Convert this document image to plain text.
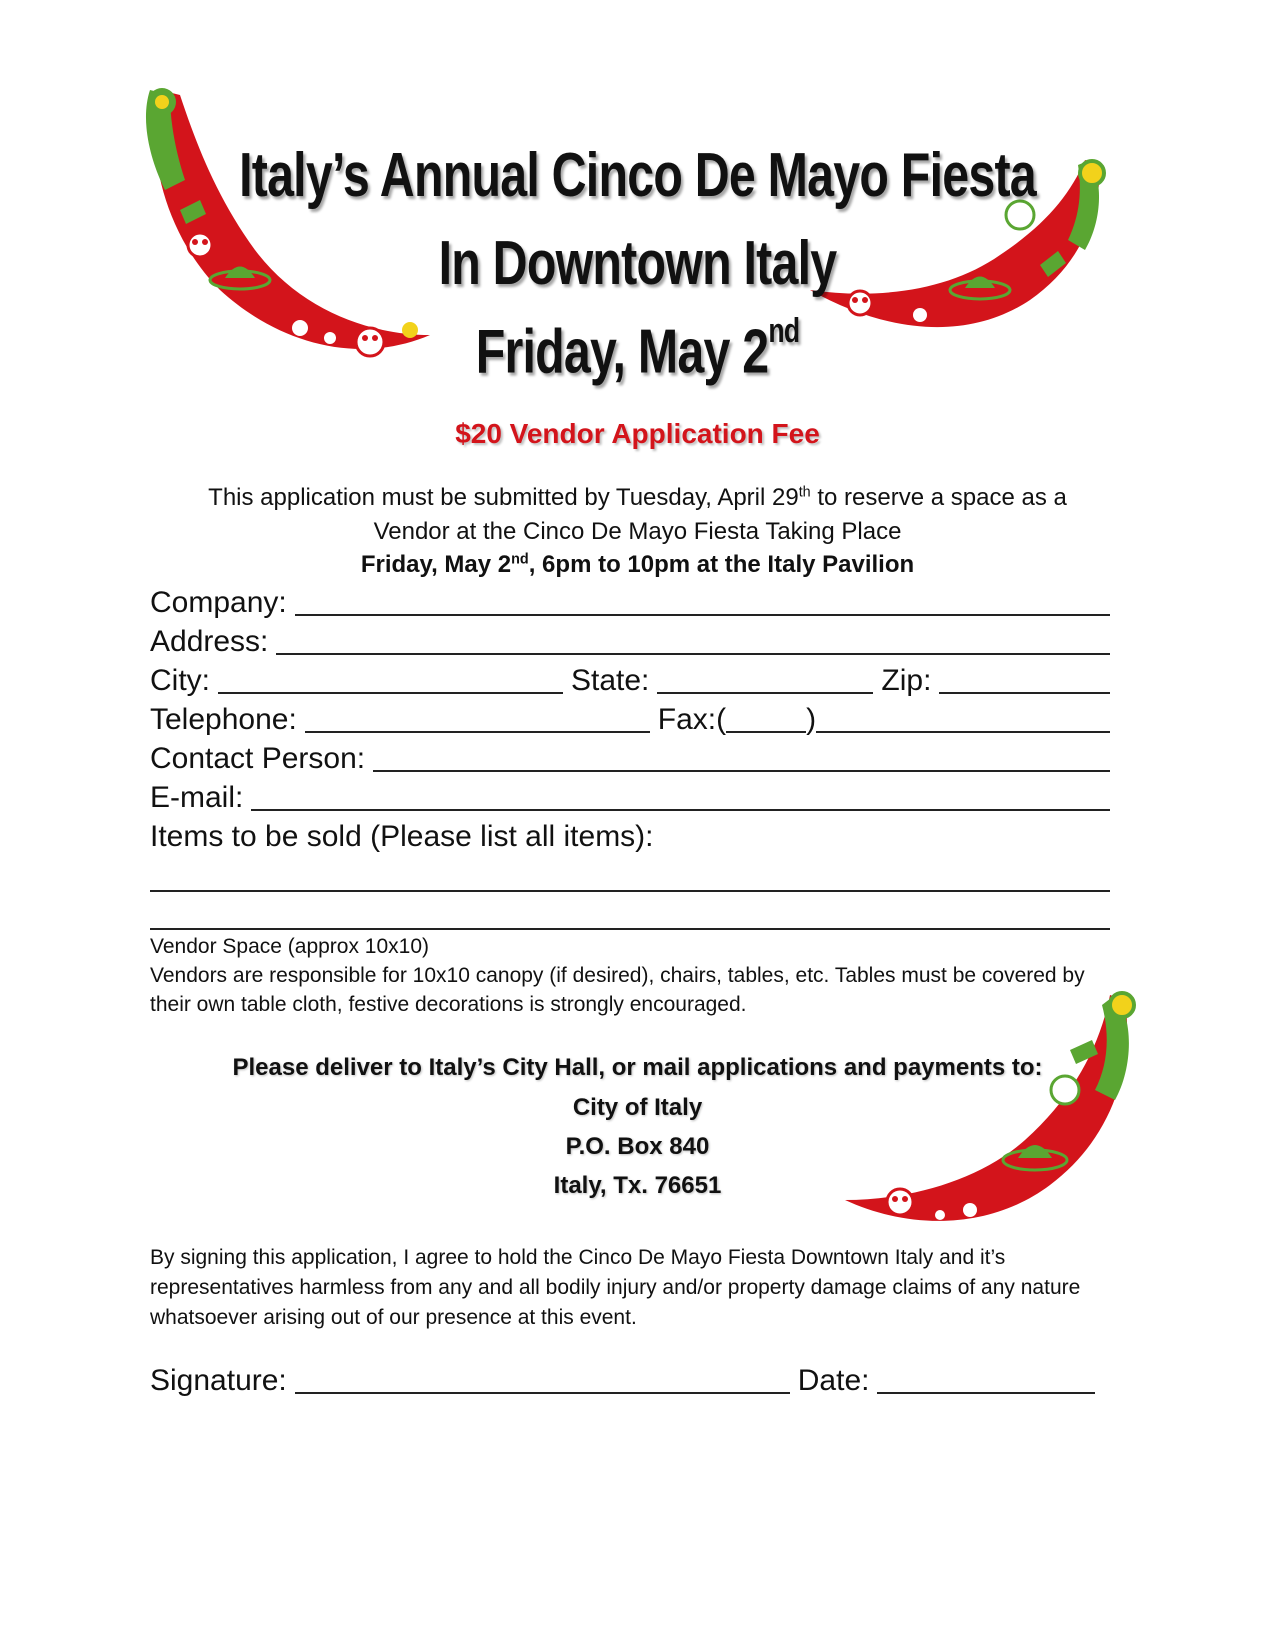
Italy’s Annual Cinco De Mayo Fiesta
In Downtown Italy
Friday, May 2nd
$20 Vendor Application Fee
This application must be submitted by Tuesday, April 29th to reserve a space as a
Vendor at the Cinco De Mayo Fiesta Taking Place
Friday, May 2nd, 6pm to 10pm at the Italy Pavilion
Company:
Address:
City:	State:	Zip:
Telephone:	Fax:(	)
Contact Person:
E-mail:
Items to be sold (Please list all items):
Vendor Space (approx 10x10)
Vendors are responsible for 10x10 canopy (if desired), chairs, tables, etc. Tables must be covered by their own table cloth, festive decorations is strongly encouraged.
Please deliver to Italy’s City Hall, or mail applications and payments to:
City of Italy
P.O. Box 840
Italy, Tx. 76651
By signing this application, I agree to hold the Cinco De Mayo Fiesta Downtown Italy and it’s representatives harmless from any and all bodily injury and/or property damage claims of any nature whatsoever arising out of our presence at this event.
Signature:	Date:
